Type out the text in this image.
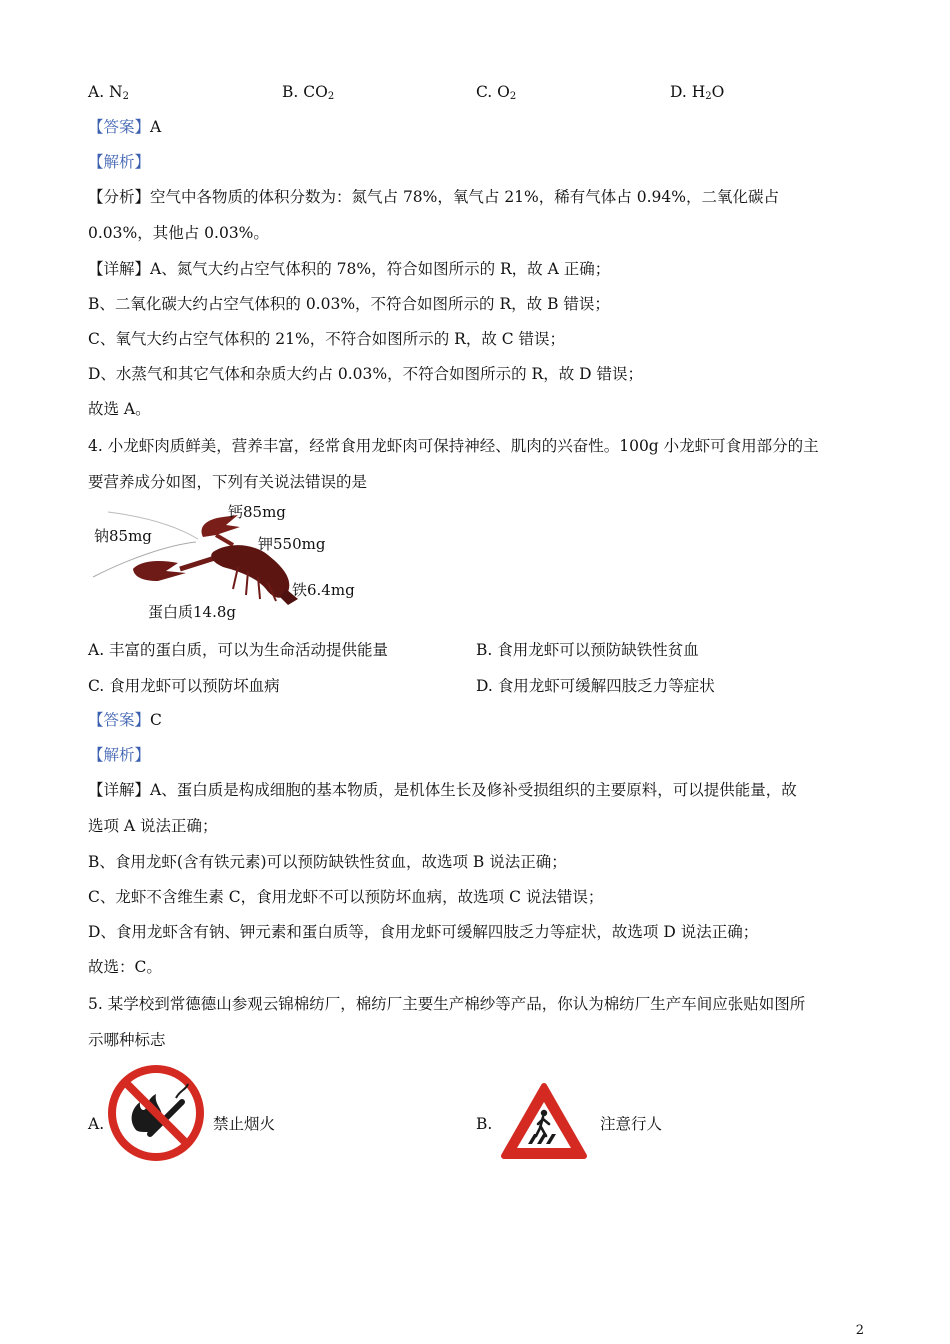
A. $N_2$	B. $CO_2$	C. $O_2$	D. $H_2O$
【答案】A
【解析】
【分析】空气中各物质的体积分数为：氮气占 78%，氧气占 21%，稀有气体占 0.94%，二氧化碳占
0.03%，其他占 0.03%。
【详解】A、氮气大约占空气体积的 78%，符合如图所示的 R，故 A 正确；
B、二氧化碳大约占空气体积的 0.03%，不符合如图所示的 R，故 B 错误；
C、氧气大约占空气体积的 21%，不符合如图所示的 R，故 C 错误；
D、水蒸气和其它气体和杂质大约占 0.03%，不符合如图所示的 R，故 D 错误；
故选 A。
4. 小龙虾肉质鲜美，营养丰富，经常食用龙虾肉可保持神经、肌肉的兴奋性。100g 小龙虾可食用部分的主
要营养成分如图，下列有关说法错误的是
钠85mg
钙85mg
钾550mg
铁6.4mg
蛋白质14.8g
A. 丰富的蛋白质，可以为生命活动提供能量	B. 食用龙虾可以预防缺铁性贫血
C. 食用龙虾可以预防坏血病	D. 食用龙虾可缓解四肢乏力等症状
【答案】C
【解析】
【详解】A、蛋白质是构成细胞的基本物质，是机体生长及修补受损组织的主要原料，可以提供能量，故
选项 A 说法正确；
B、食用龙虾(含有铁元素)可以预防缺铁性贫血，故选项 B 说法正确；
C、龙虾不含维生素 C，食用龙虾不可以预防坏血病，故选项 C 说法错误；
D、食用龙虾含有钠、钾元素和蛋白质等，食用龙虾可缓解四肢乏力等症状，故选项 D 说法正确；
故选：C。
5. 某学校到常德德山参观云锦棉纺厂，棉纺厂主要生产棉纱等产品，你认为棉纺厂生产车间应张贴如图所
示哪种标志
A.	禁止烟火	B.	注意行人
2
